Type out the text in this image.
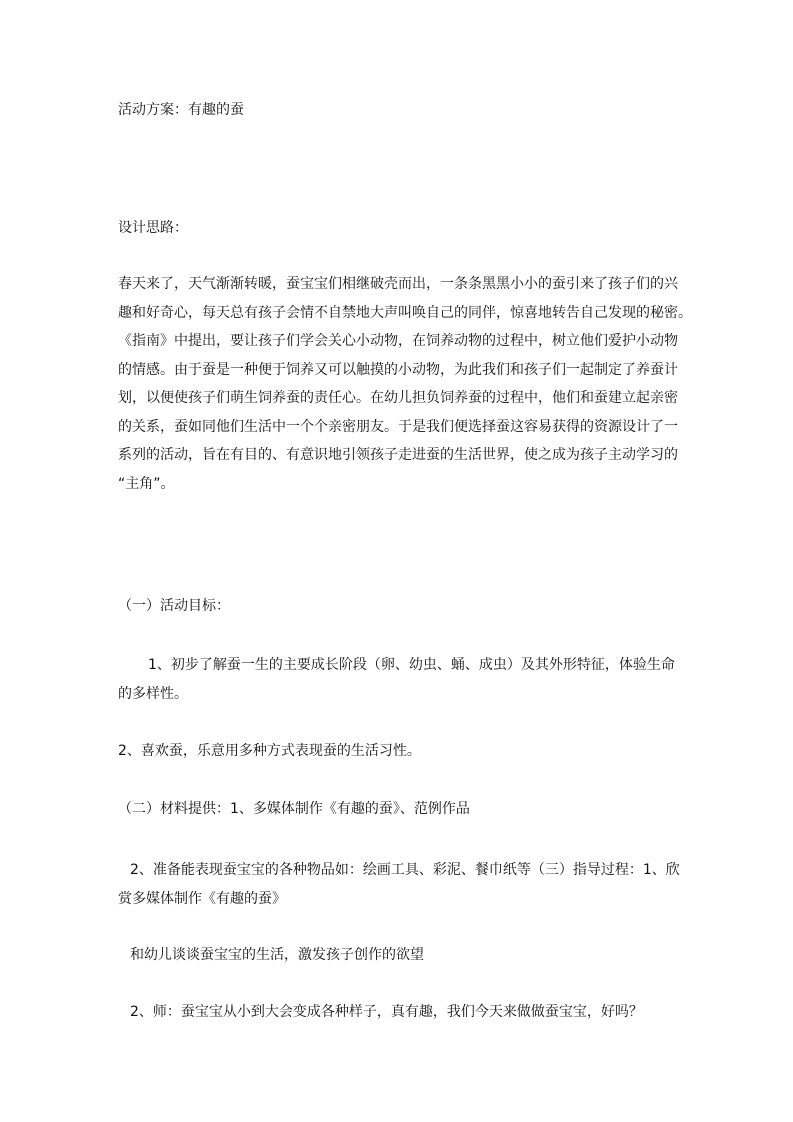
活动方案：有趣的蚕
设计思路：
春天来了，天气渐渐转暖，蚕宝宝们相继破壳而出，一条条黑黑小小的蚕引来了孩子们的兴
趣和好奇心，每天总有孩子会情不自禁地大声叫唤自己的同伴，惊喜地转告自己发现的秘密。
《指南》中提出，要让孩子们学会关心小动物，在饲养动物的过程中，树立他们爱护小动物
的情感。由于蚕是一种便于饲养又可以触摸的小动物，为此我们和孩子们一起制定了养蚕计
划，以便使孩子们萌生饲养蚕的责任心。在幼儿担负饲养蚕的过程中，他们和蚕建立起亲密
的关系，蚕如同他们生活中一个个亲密朋友。于是我们便选择蚕这容易获得的资源设计了一
系列的活动，旨在有目的、有意识地引领孩子走进蚕的生活世界，使之成为孩子主动学习的
“主角”。
（一）活动目标：
1、初步了解蚕一生的主要成长阶段（卵、幼虫、蛹、成虫）及其外形特征，体验生命
的多样性。
2、喜欢蚕，乐意用多种方式表现蚕的生活习性。
（二）材料提供：1、多媒体制作《有趣的蚕》、范例作品
2、准备能表现蚕宝宝的各种物品如：绘画工具、彩泥、餐巾纸等（三）指导过程：1、欣
赏多媒体制作《有趣的蚕》
和幼儿谈谈蚕宝宝的生活，激发孩子创作的欲望
2、师：蚕宝宝从小到大会变成各种样子，真有趣，我们今天来做做蚕宝宝，好吗？
